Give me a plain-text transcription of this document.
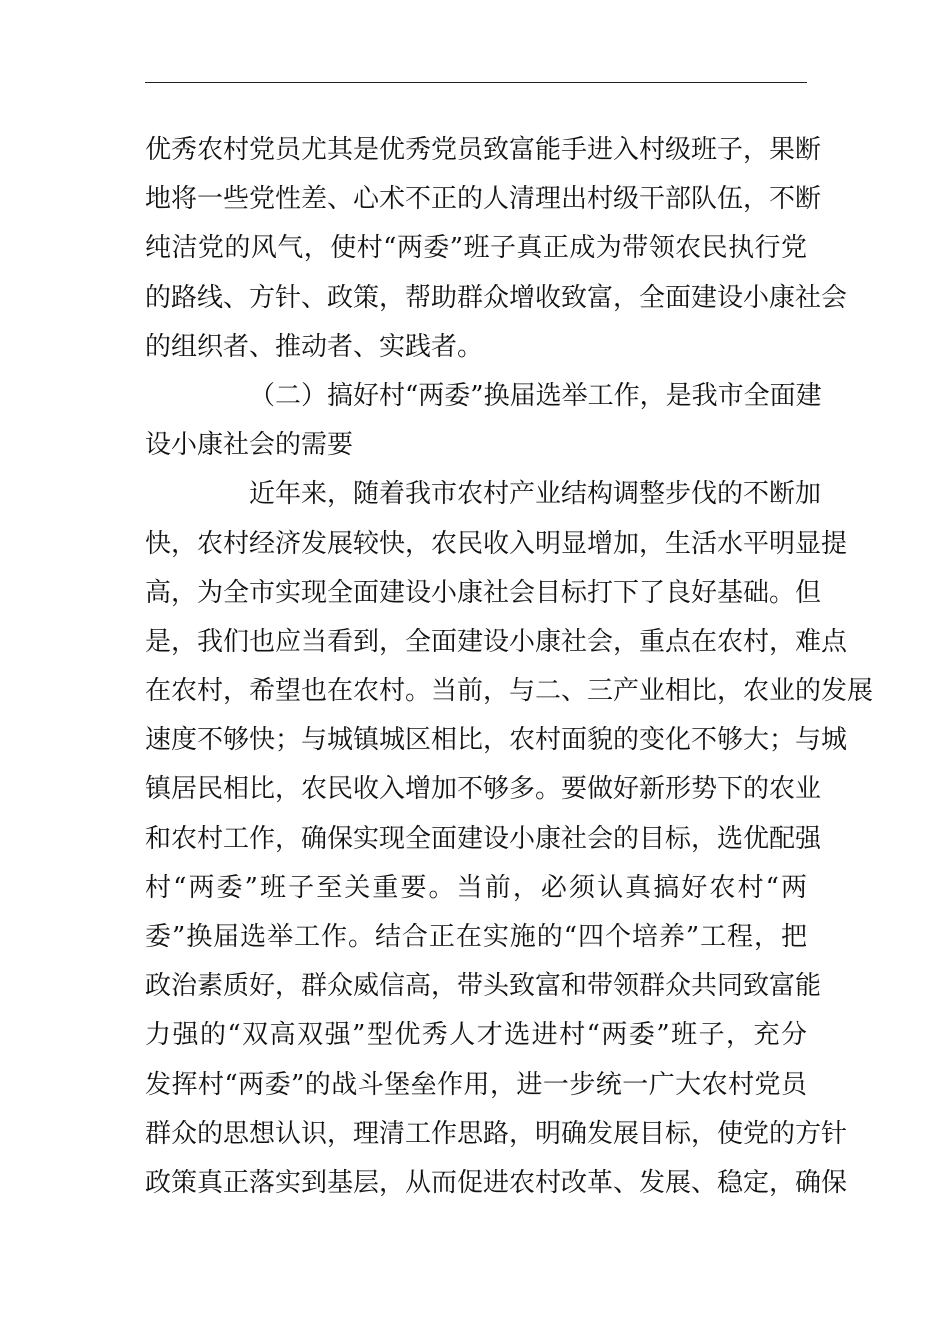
优秀农村党员尤其是优秀党员致富能手进入村级班子，果断
地将一些党性差、心术不正的人清理出村级干部队伍，不断
纯洁党的风气，使村“两委”班子真正成为带领农民执行党
的路线、方针、政策，帮助群众增收致富，全面建设小康社会
的组织者、推动者、实践者。
（二）搞好村“两委”换届选举工作，是我市全面建
设小康社会的需要
近年来，随着我市农村产业结构调整步伐的不断加
快，农村经济发展较快，农民收入明显增加，生活水平明显提
高，为全市实现全面建设小康社会目标打下了良好基础。但
是，我们也应当看到，全面建设小康社会，重点在农村，难点
在农村，希望也在农村。当前，与二、三产业相比，农业的发展
速度不够快；与城镇城区相比，农村面貌的变化不够大；与城
镇居民相比，农民收入增加不够多。要做好新形势下的农业
和农村工作，确保实现全面建设小康社会的目标，选优配强
村“两委”班子至关重要。当前，必须认真搞好农村“两
委”换届选举工作。结合正在实施的“四个培养”工程，把
政治素质好，群众威信高，带头致富和带领群众共同致富能
力强的“双高双强”型优秀人才选进村“两委”班子，充分
发挥村“两委”的战斗堡垒作用，进一步统一广大农村党员
群众的思想认识，理清工作思路，明确发展目标，使党的方针
政策真正落实到基层，从而促进农村改革、发展、稳定，确保
